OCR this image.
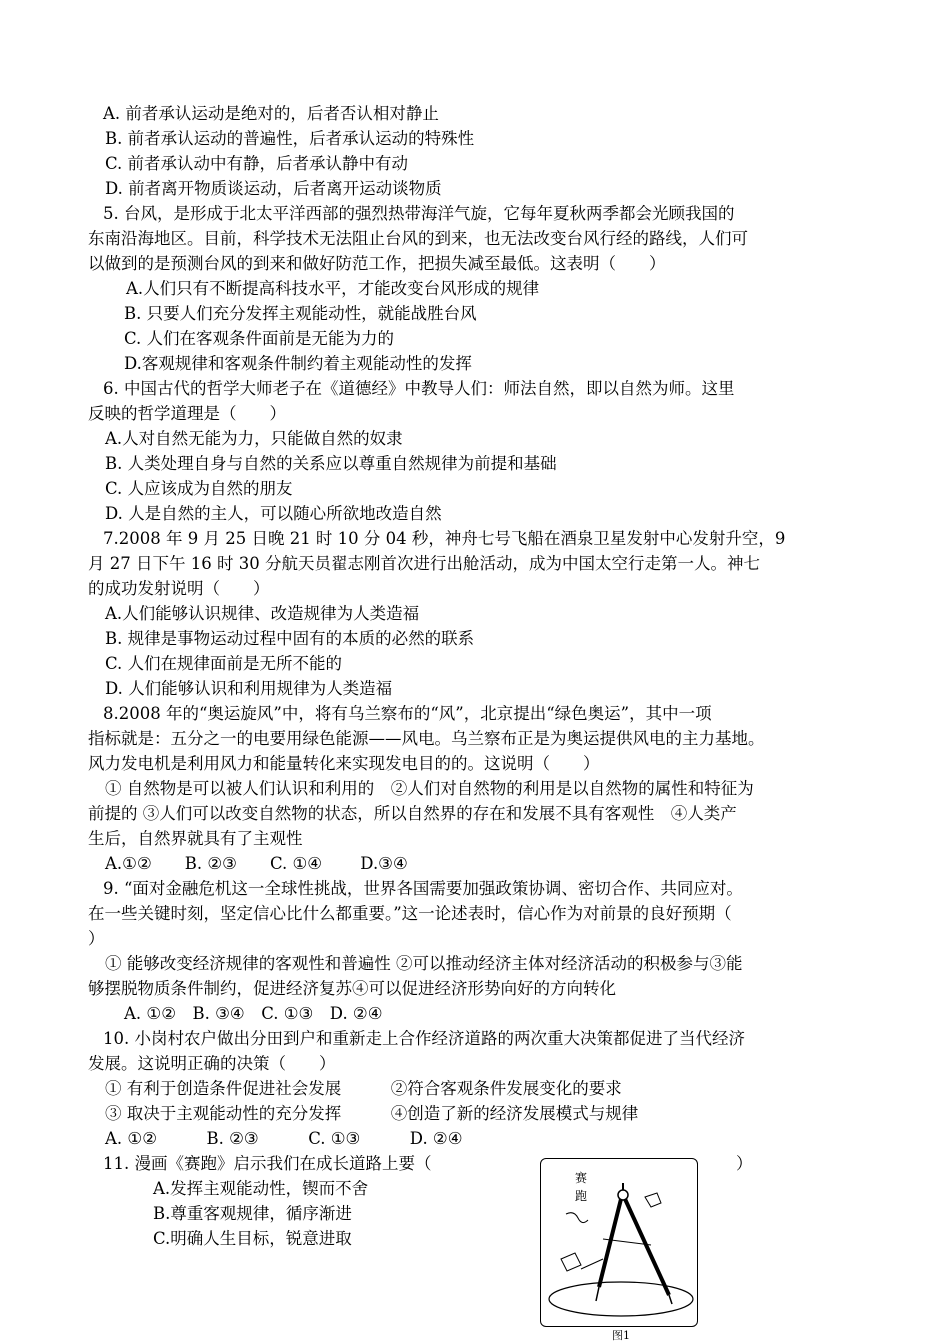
A. 前者承认运动是绝对的，后者否认相对静止
B. 前者承认运动的普遍性，后者承认运动的特殊性
C. 前者承认动中有静，后者承认静中有动
D. 前者离开物质谈运动，后者离开运动谈物质
5. 台风，是形成于北太平洋西部的强烈热带海洋气旋，它每年夏秋两季都会光顾我国的
东南沿海地区。目前，科学技术无法阻止台风的到来，也无法改变台风行经的路线，人们可
以做到的是预测台风的到来和做好防范工作，把损失减至最低。这表明（　　）
A.人们只有不断提高科技水平，才能改变台风形成的规律
B. 只要人们充分发挥主观能动性，就能战胜台风
C. 人们在客观条件面前是无能为力的
D.客观规律和客观条件制约着主观能动性的发挥
6. 中国古代的哲学大师老子在《道德经》中教导人们：师法自然，即以自然为师。这里
反映的哲学道理是（　　）
A.人对自然无能为力，只能做自然的奴隶
B. 人类处理自身与自然的关系应以尊重自然规律为前提和基础
C. 人应该成为自然的朋友
D. 人是自然的主人，可以随心所欲地改造自然
7.2008 年 9 月 25 日晚 21 时 10 分 04 秒，神舟七号飞船在酒泉卫星发射中心发射升空，9
月 27 日下午 16 时 30 分航天员翟志刚首次进行出舱活动，成为中国太空行走第一人。神七
的成功发射说明（　　）
A.人们能够认识规律、改造规律为人类造福
B. 规律是事物运动过程中固有的本质的必然的联系
C. 人们在规律面前是无所不能的
D. 人们能够认识和利用规律为人类造福
8.2008 年的“奥运旋风”中，将有乌兰察布的“风”，北京提出“绿色奥运”，其中一项
指标就是：五分之一的电要用绿色能源——风电。乌兰察布正是为奥运提供风电的主力基地。
风力发电机是利用风力和能量转化来实现发电目的的。这说明（　　）
① 自然物是可以被人们认识和利用的　②人们对自然物的利用是以自然物的属性和特征为
前提的 ③人们可以改变自然物的状态，所以自然界的存在和发展不具有客观性　④人类产
生后，自然界就具有了主观性
A.①②　　B. ②③　　C. ①④　　 D.③④
9. “面对金融危机这一全球性挑战，世界各国需要加强政策协调、密切合作、共同应对。
在一些关键时刻，坚定信心比什么都重要。”这一论述表时，信心作为对前景的良好预期（
）
① 能够改变经济规律的客观性和普遍性 ②可以推动经济主体对经济活动的积极参与③能
够摆脱物质条件制约，促进经济复苏④可以促进经济形势向好的方向转化
A. ①②　B. ③④　C. ①③　D. ②④
10. 小岗村农户做出分田到户和重新走上合作经济道路的两次重大决策都促进了当代经济
发展。这说明正确的决策（　　）
① 有利于创造条件促进社会发展　　　②符合客观条件发展变化的要求
③ 取决于主观能动性的充分发挥　　　④创造了新的经济发展模式与规律
A. ①②　　　B. ②③　　　C. ①③　　　D. ②④
11. 漫画《赛跑》启示我们在成长道路上要（	）
A.发挥主观能动性，锲而不舍
B.尊重客观规律，循序渐进
C.明确人生目标，锐意进取
赛
跑
图1
